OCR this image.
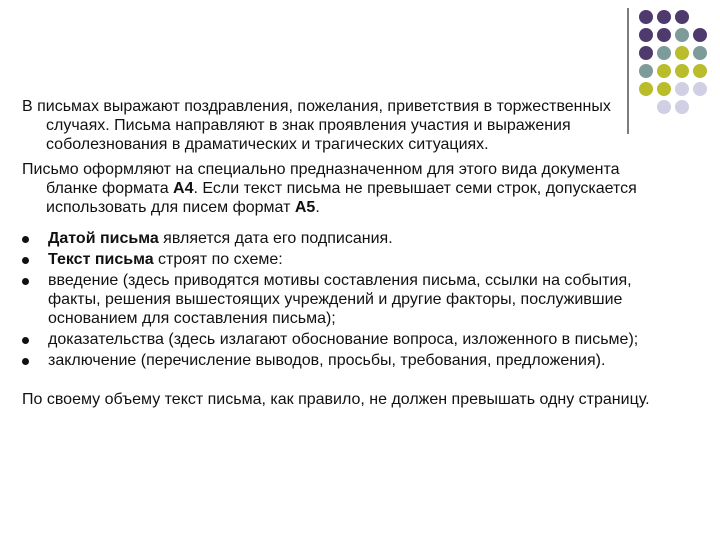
В письмах выражают поздравления, пожелания, приветствия в торжественных случаях. Письма направляют в знак проявления участия и выражения соболезнования в драматических и трагических ситуациях.

Письмо оформляют на специально предназначенном для этого вида документа бланке формата А4. Если текст письма не превышает семи строк, допускается использовать для писем формат А5.

Датой письма является дата его подписания.
Текст письма строят по схеме:
введение (здесь приводятся мотивы составления письма, ссылки на события, факты, решения вышестоящих учреждений и другие факторы, послужившие основанием для составления письма);
доказательства (здесь излагают обоснование вопроса, изложенного в письме);
заключение (перечисление выводов, просьбы, требования, предложения).

По своему объему текст письма, как правило, не должен превышать одну страницу.
